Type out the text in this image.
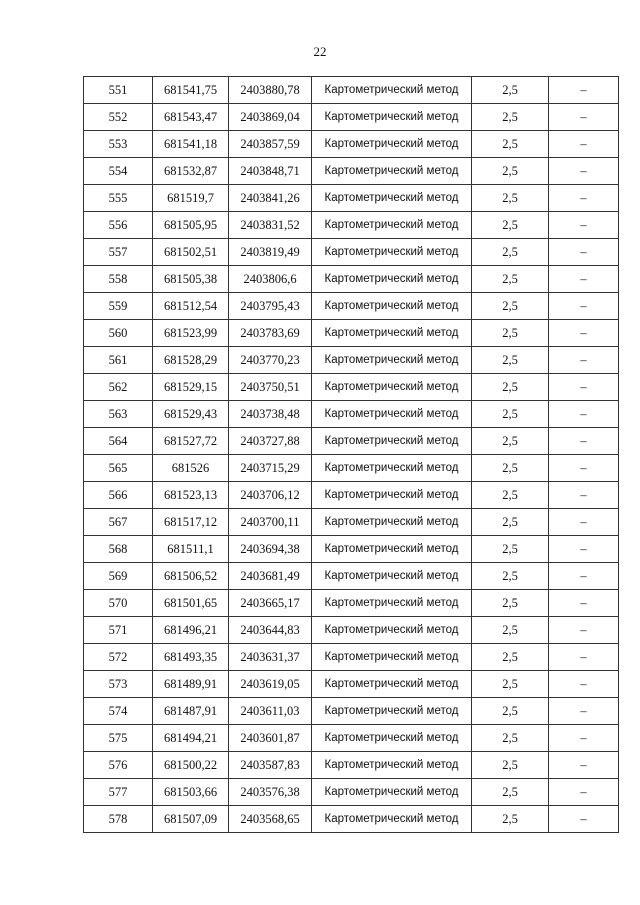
22
551	681541,75	2403880,78	Картометрический метод	2,5	–
552	681543,47	2403869,04	Картометрический метод	2,5	–
553	681541,18	2403857,59	Картометрический метод	2,5	–
554	681532,87	2403848,71	Картометрический метод	2,5	–
555	681519,7	2403841,26	Картометрический метод	2,5	–
556	681505,95	2403831,52	Картометрический метод	2,5	–
557	681502,51	2403819,49	Картометрический метод	2,5	–
558	681505,38	2403806,6	Картометрический метод	2,5	–
559	681512,54	2403795,43	Картометрический метод	2,5	–
560	681523,99	2403783,69	Картометрический метод	2,5	–
561	681528,29	2403770,23	Картометрический метод	2,5	–
562	681529,15	2403750,51	Картометрический метод	2,5	–
563	681529,43	2403738,48	Картометрический метод	2,5	–
564	681527,72	2403727,88	Картометрический метод	2,5	–
565	681526	2403715,29	Картометрический метод	2,5	–
566	681523,13	2403706,12	Картометрический метод	2,5	–
567	681517,12	2403700,11	Картометрический метод	2,5	–
568	681511,1	2403694,38	Картометрический метод	2,5	–
569	681506,52	2403681,49	Картометрический метод	2,5	–
570	681501,65	2403665,17	Картометрический метод	2,5	–
571	681496,21	2403644,83	Картометрический метод	2,5	–
572	681493,35	2403631,37	Картометрический метод	2,5	–
573	681489,91	2403619,05	Картометрический метод	2,5	–
574	681487,91	2403611,03	Картометрический метод	2,5	–
575	681494,21	2403601,87	Картометрический метод	2,5	–
576	681500,22	2403587,83	Картометрический метод	2,5	–
577	681503,66	2403576,38	Картометрический метод	2,5	–
578	681507,09	2403568,65	Картометрический метод	2,5	–
